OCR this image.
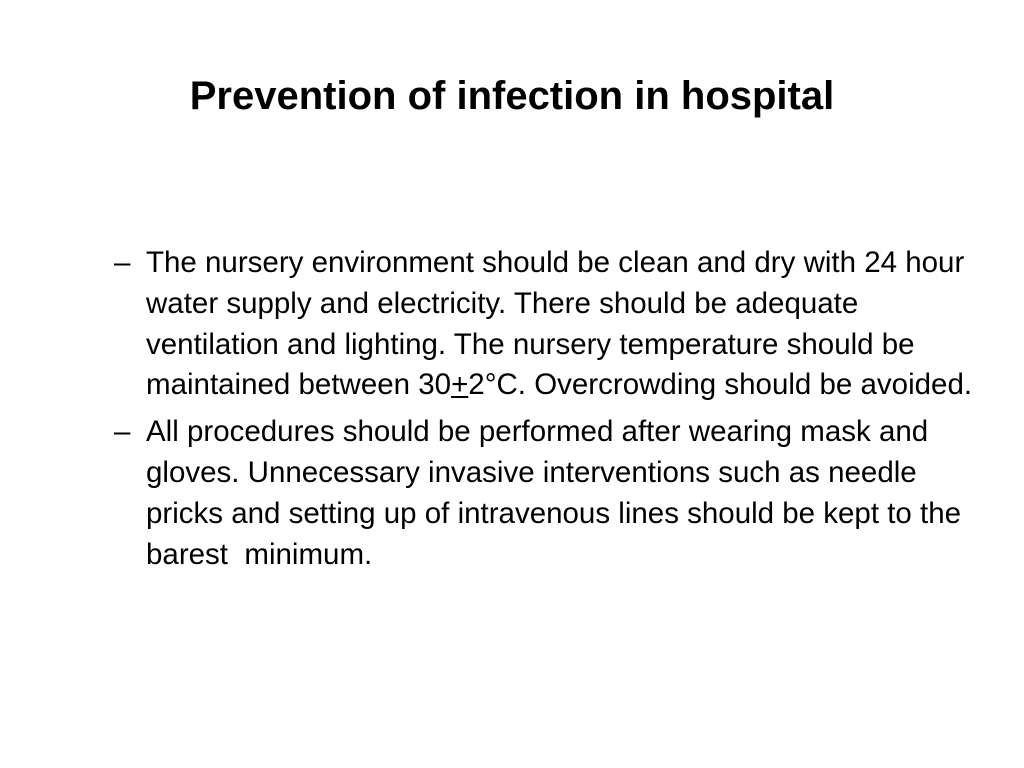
Prevention of infection in hospital
– The nursery environment should be clean and dry with 24 hour water supply and electricity. There should be adequate ventilation and lighting. The nursery temperature should be maintained between 30+2°C. Overcrowding should be avoided.
– All procedures should be performed after wearing mask and gloves. Unnecessary invasive interventions such as needle pricks and setting up of intravenous lines should be kept to the barest  minimum.
